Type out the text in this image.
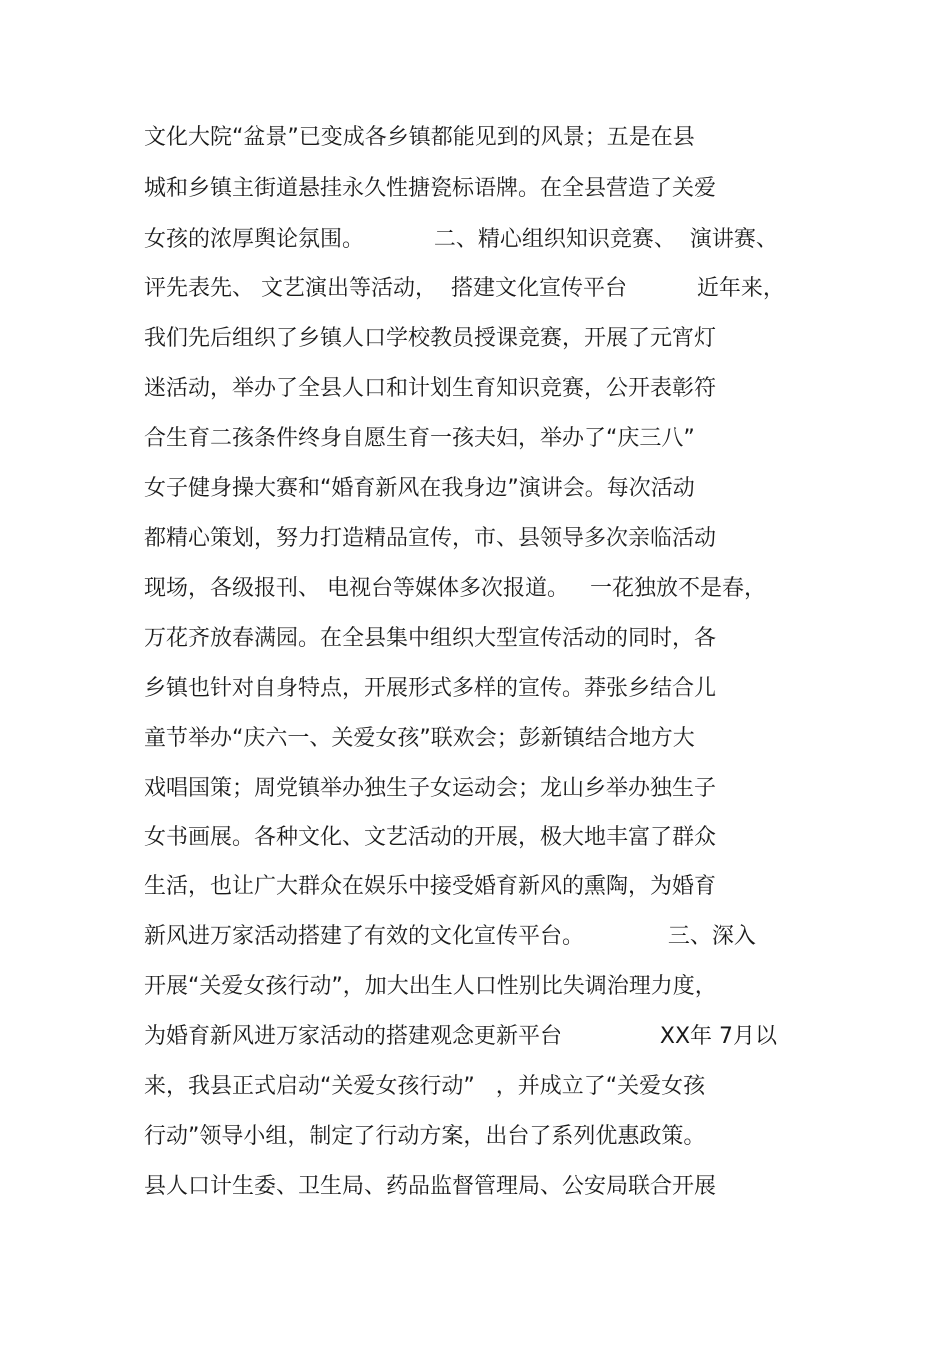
文化大院“盆景”已变成各乡镇都能见到的风景；五是在县
城和乡镇主街道悬挂永久性搪瓷标语牌。在全县营造了关爱
女孩的浓厚舆论氛围。          二、精心组织知识竞赛、  演讲赛、
评先表先、 文艺演出等活动，  搭建文化宣传平台          近年来，
我们先后组织了乡镇人口学校教员授课竞赛，开展了元宵灯
迷活动，举办了全县人口和计划生育知识竞赛，公开表彰符
合生育二孩条件终身自愿生育一孩夫妇，举办了“庆三八”
女子健身操大赛和“婚育新风在我身边”演讲会。每次活动
都精心策划，努力打造精品宣传，市、县领导多次亲临活动
现场，各级报刊、 电视台等媒体多次报道。   一花独放不是春，
万花齐放春满园。在全县集中组织大型宣传活动的同时，各
乡镇也针对自身特点，开展形式多样的宣传。莽张乡结合儿
童节举办“庆六一、关爱女孩”联欢会；彭新镇结合地方大
戏唱国策；周党镇举办独生子女运动会；龙山乡举办独生子
女书画展。各种文化、文艺活动的开展，极大地丰富了群众
生活，也让广大群众在娱乐中接受婚育新风的熏陶，为婚育
新风进万家活动搭建了有效的文化宣传平台。            三、深入
开展“关爱女孩行动”，加大出生人口性别比失调治理力度，
为婚育新风进万家活动的搭建观念更新平台              XX年 7月以
来，我县正式启动“关爱女孩行动”   ，并成立了“关爱女孩
行动”领导小组，制定了行动方案，出台了系列优惠政策。
县人口计生委、卫生局、药品监督管理局、公安局联合开展
